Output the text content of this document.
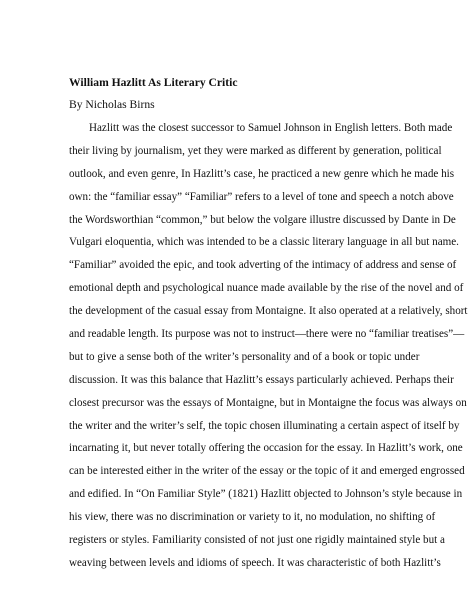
William Hazlitt As Literary Critic
By Nicholas Birns
Hazlitt was the closest successor to Samuel Johnson in English letters. Both made
their living by journalism, yet they were marked as different by generation, political
outlook, and even genre, In Hazlitt’s case, he practiced a new genre which he made his
own: the “familiar essay” “Familiar” refers to a level of tone and speech a notch above
the Wordsworthian “common,” but below the volgare illustre discussed by Dante in De
Vulgari eloquentia, which was intended to be a classic literary language in all but name.
“Familiar” avoided the epic, and took adverting of the intimacy of address and sense of
emotional depth and psychological nuance made available by the rise of the novel and of
the development of the casual essay from Montaigne. It also operated at a relatively, short
and readable length. Its purpose was not to instruct—there were no “familiar treatises”—
but to give a sense both of the writer’s personality and of a book or topic under
discussion. It was this balance that Hazlitt’s essays particularly achieved. Perhaps their
closest precursor was the essays of Montaigne, but in Montaigne the focus was always on
the writer and the writer’s self, the topic chosen illuminating a certain aspect of itself by
incarnating it, but never totally offering the occasion for the essay. In Hazlitt’s work, one
can be interested either in the writer of the essay or the topic of it and emerged engrossed
and edified. In “On Familiar Style” (1821) Hazlitt objected to Johnson’s style because in
his view, there was no discrimination or variety to it, no modulation, no shifting of
registers or styles. Familiarity consisted of not just one rigidly maintained style but a
weaving between levels and idioms of speech. It was characteristic of both Hazlitt’s
